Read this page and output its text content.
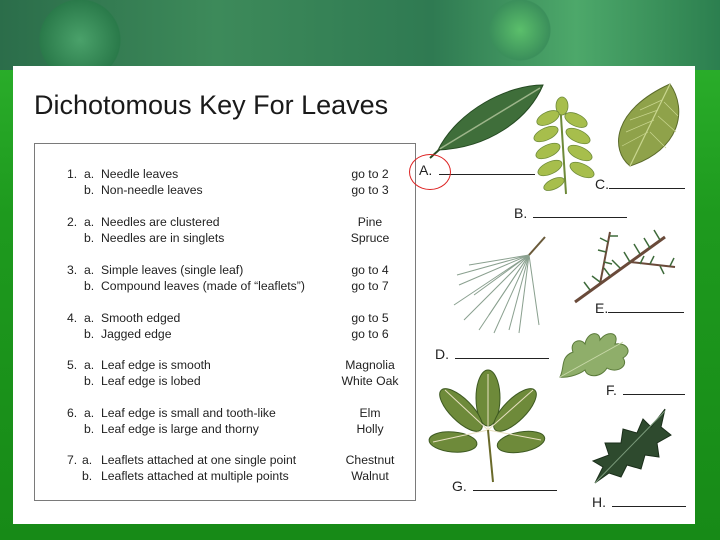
Dichotomous Key For Leaves
1. a. Needle leaves	go to 2
b. Non-needle leaves	go to 3
2. a. Needles are clustered	Pine
b. Needles are in singlets	Spruce
3. a. Simple leaves (single leaf)	go to 4
b. Compound leaves (made of “leaflets”)	go to 7
4. a. Smooth edged	go to 5
b. Jagged edge	go to 6
5. a. Leaf edge is smooth	Magnolia
b. Leaf edge is lobed	White Oak
6. a. Leaf edge is small and tooth-like	Elm
b. Leaf edge is large and thorny	Holly
7. a. Leaflets attached at one single point	Chestnut
b. Leaflets attached at multiple points	Walnut
A.
C.
B.
E.
D.
F.
G.
H.
